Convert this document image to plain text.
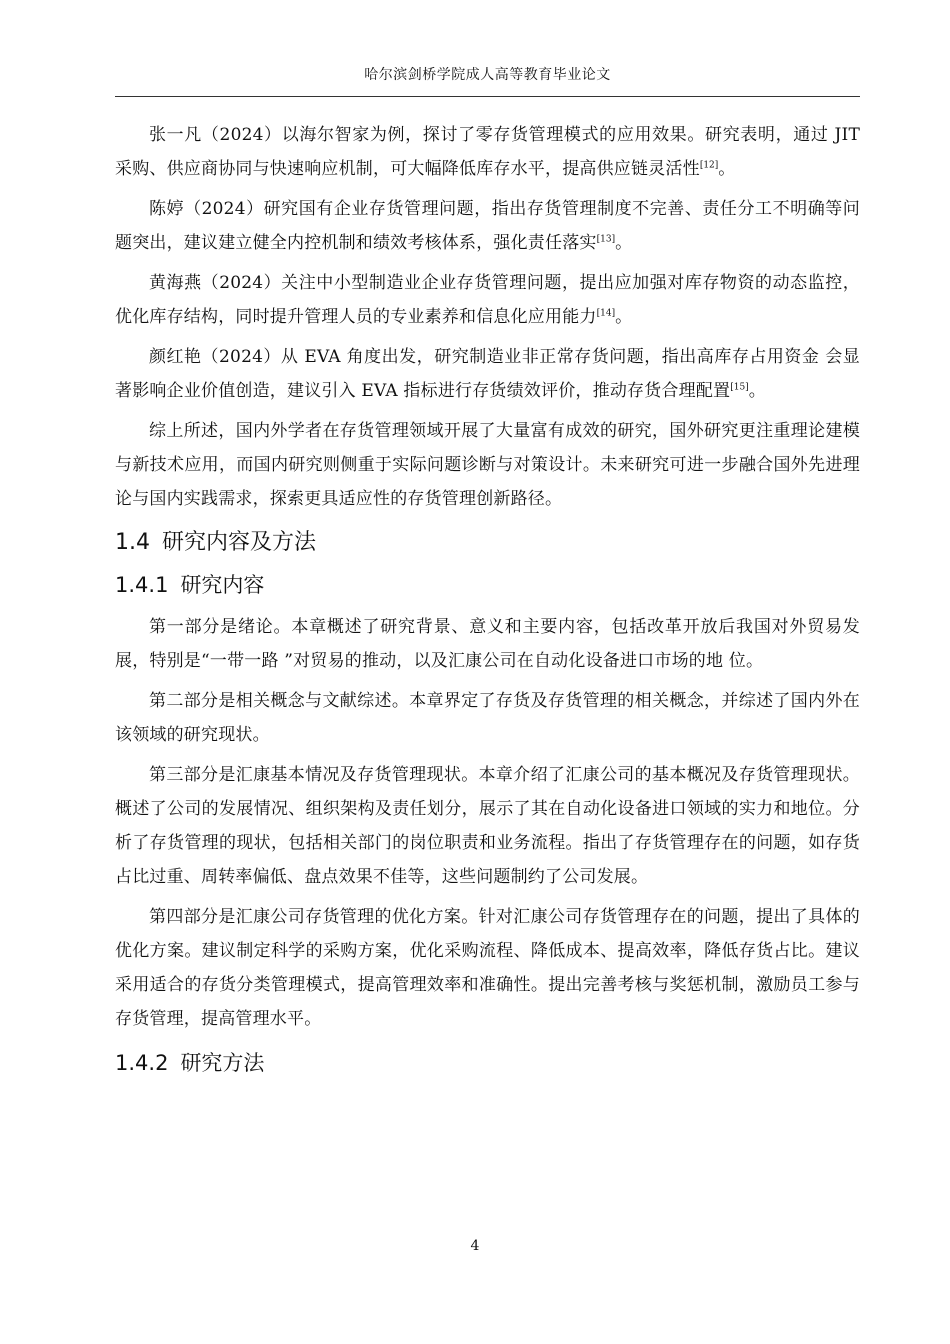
哈尔滨剑桥学院成人高等教育毕业论文

张一凡（2024）以海尔智家为例，探讨了零存货管理模式的应用效果。研究表明，通过 JIT 采购、供应商协同与快速响应机制，可大幅降低库存水平，提高供应链灵活性[12]。

陈婷（2024）研究国有企业存货管理问题，指出存货管理制度不完善、责任分工不明确等问题突出，建议建立健全内控机制和绩效考核体系，强化责任落实[13]。

黄海燕（2024）关注中小型制造业企业存货管理问题，提出应加强对库存物资的动态监控，优化库存结构，同时提升管理人员的专业素养和信息化应用能力[14]。

颜红艳（2024）从 EVA 角度出发，研究制造业非正常存货问题，指出高库存占用资金 会显著影响企业价值创造，建议引入 EVA 指标进行存货绩效评价，推动存货合理配置[15]。

综上所述，国内外学者在存货管理领域开展了大量富有成效的研究，国外研究更注重理论建模与新技术应用，而国内研究则侧重于实际问题诊断与对策设计。未来研究可进一步融合国外先进理论与国内实践需求，探索更具适应性的存货管理创新路径。

1.4 研究内容及方法
1.4.1 研究内容

第一部分是绪论。本章概述了研究背景、意义和主要内容，包括改革开放后我国对外贸易发展，特别是“一带一路 ”对贸易的推动，以及汇康公司在自动化设备进口市场的地 位。

第二部分是相关概念与文献综述。本章界定了存货及存货管理的相关概念，并综述了国内外在该领域的研究现状。

第三部分是汇康基本情况及存货管理现状。本章介绍了汇康公司的基本概况及存货管理现状。概述了公司的发展情况、组织架构及责任划分，展示了其在自动化设备进口领域的实力和地位。分析了存货管理的现状，包括相关部门的岗位职责和业务流程。指出了存货管理存在的问题，如存货占比过重、周转率偏低、盘点效果不佳等，这些问题制约了公司发展。

第四部分是汇康公司存货管理的优化方案。针对汇康公司存货管理存在的问题，提出了具体的优化方案。建议制定科学的采购方案，优化采购流程、降低成本、提高效率，降低存货占比。建议采用适合的存货分类管理模式，提高管理效率和准确性。提出完善考核与奖惩机制，激励员工参与存货管理，提高管理水平。

1.4.2 研究方法
4
